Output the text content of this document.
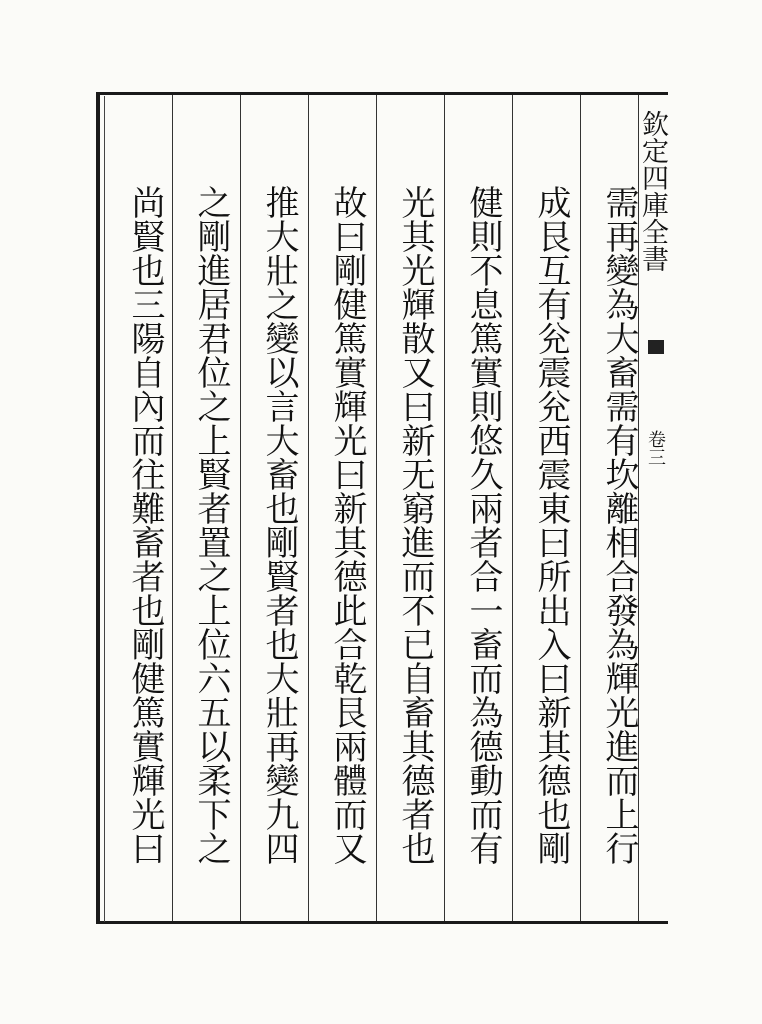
需再變為大畜需有坎離相合發為輝光進而上行
成艮互有兊震兊西震東曰所出入曰新其德也剛
健則不息篤實則悠久兩者合一畜而為德動而有
光其光輝散又曰新无窮進而不已自畜其德者也
故曰剛健篤實輝光曰新其德此合乾艮兩體而又
推大壯之變以言大畜也剛賢者也大壯再變九四
之剛進居君位之上賢者置之上位六五以柔下之
尚賢也三陽自內而往難畜者也剛健篤實輝光曰	欽定四庫全書
卷三
